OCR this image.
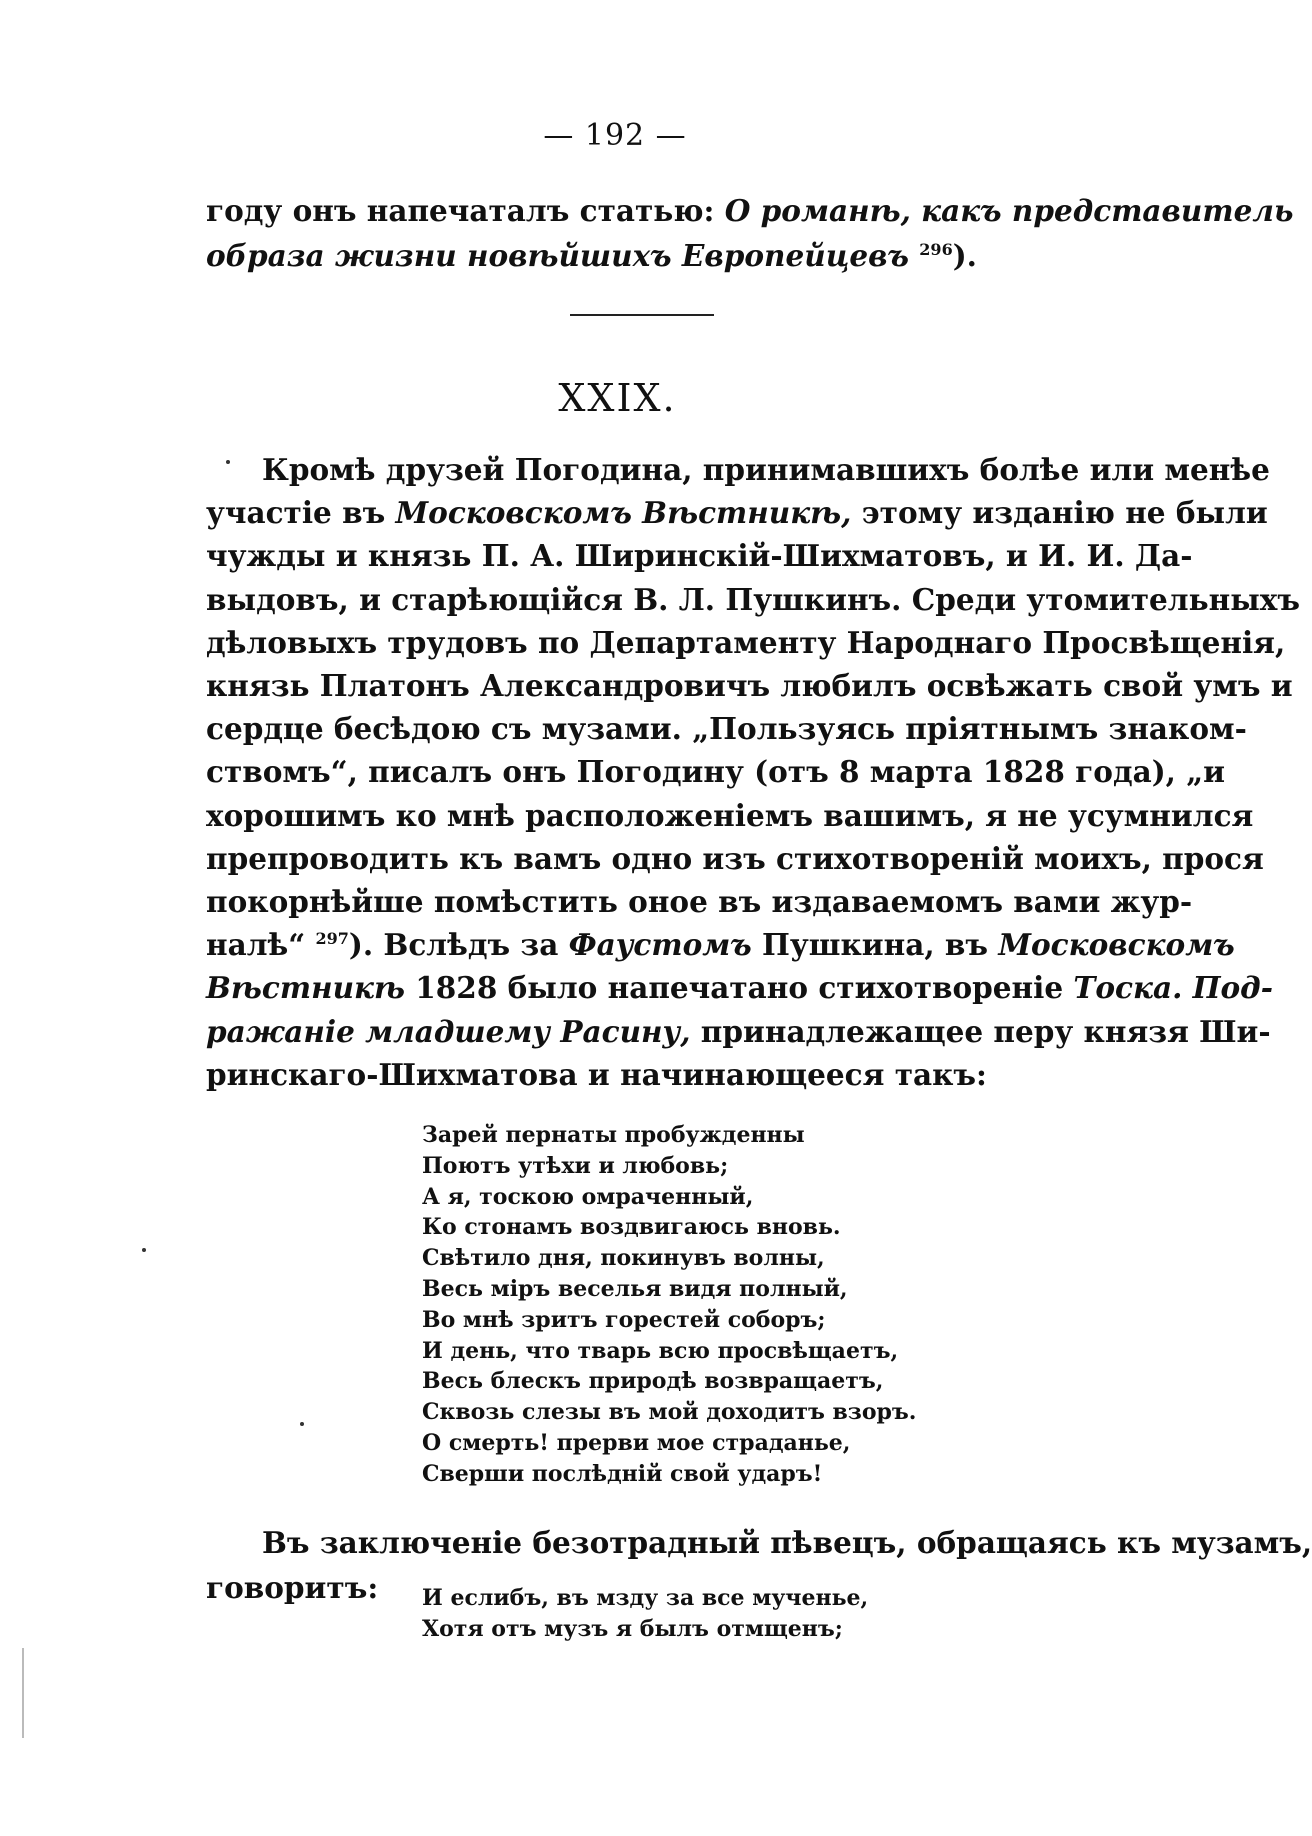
— 192 —
году онъ напечаталъ статью: О романѣ, какъ представитель
образа жизни новѣйшихъ Европейцевъ $^{296}$).
XXIX.
Кромѣ друзей Погодина, принимавшихъ болѣе или менѣе
участіе въ Московскомъ Вѣстникѣ, этому изданію не были
чужды и князь П. А. Ширинскій-Шихматовъ, и И. И. Да-
выдовъ, и старѣющійся В. Л. Пушкинъ. Среди утомительныхъ
дѣловыхъ трудовъ по Департаменту Народнаго Просвѣщенія,
князь Платонъ Александровичъ любилъ освѣжать свой умъ и
сердце бесѣдою съ музами. „Пользуясь пріятнымъ знаком-
ствомъ“, писалъ онъ Погодину (отъ 8 марта 1828 года), „и
хорошимъ ко мнѣ расположеніемъ вашимъ, я не усумнился
препроводить къ вамъ одно изъ стихотвореній моихъ, прося
покорнѣйше помѣстить оное въ издаваемомъ вами жур-
налѣ“ $^{297}$). Вслѣдъ за Фаустомъ Пушкина, въ Московскомъ
Вѣстникѣ 1828 было напечатано стихотвореніе Тоска. Под-
ражаніе младшему Расину, принадлежащее перу князя Ши-
ринскаго-Шихматова и начинающееся такъ:
Зарей пернаты пробужденны
Поютъ утѣхи и любовь;
А я, тоскою омраченный,
Ко стонамъ воздвигаюсь вновь.
Свѣтило дня, покинувъ волны,
Весь міръ веселья видя полный,
Во мнѣ зритъ горестей соборъ;
И день, что тварь всю просвѣщаетъ,
Весь блескъ природѣ возвращаетъ,
Сквозь слезы въ мой доходитъ взоръ.
О смерть! прерви мое страданье,
Сверши послѣдній свой ударъ!
Въ заключеніе безотрадный пѣвецъ, обращаясь къ музамъ,
говоритъ:	И еслибъ, въ мзду за все мученье,
Хотя отъ музъ я былъ отмщенъ;
